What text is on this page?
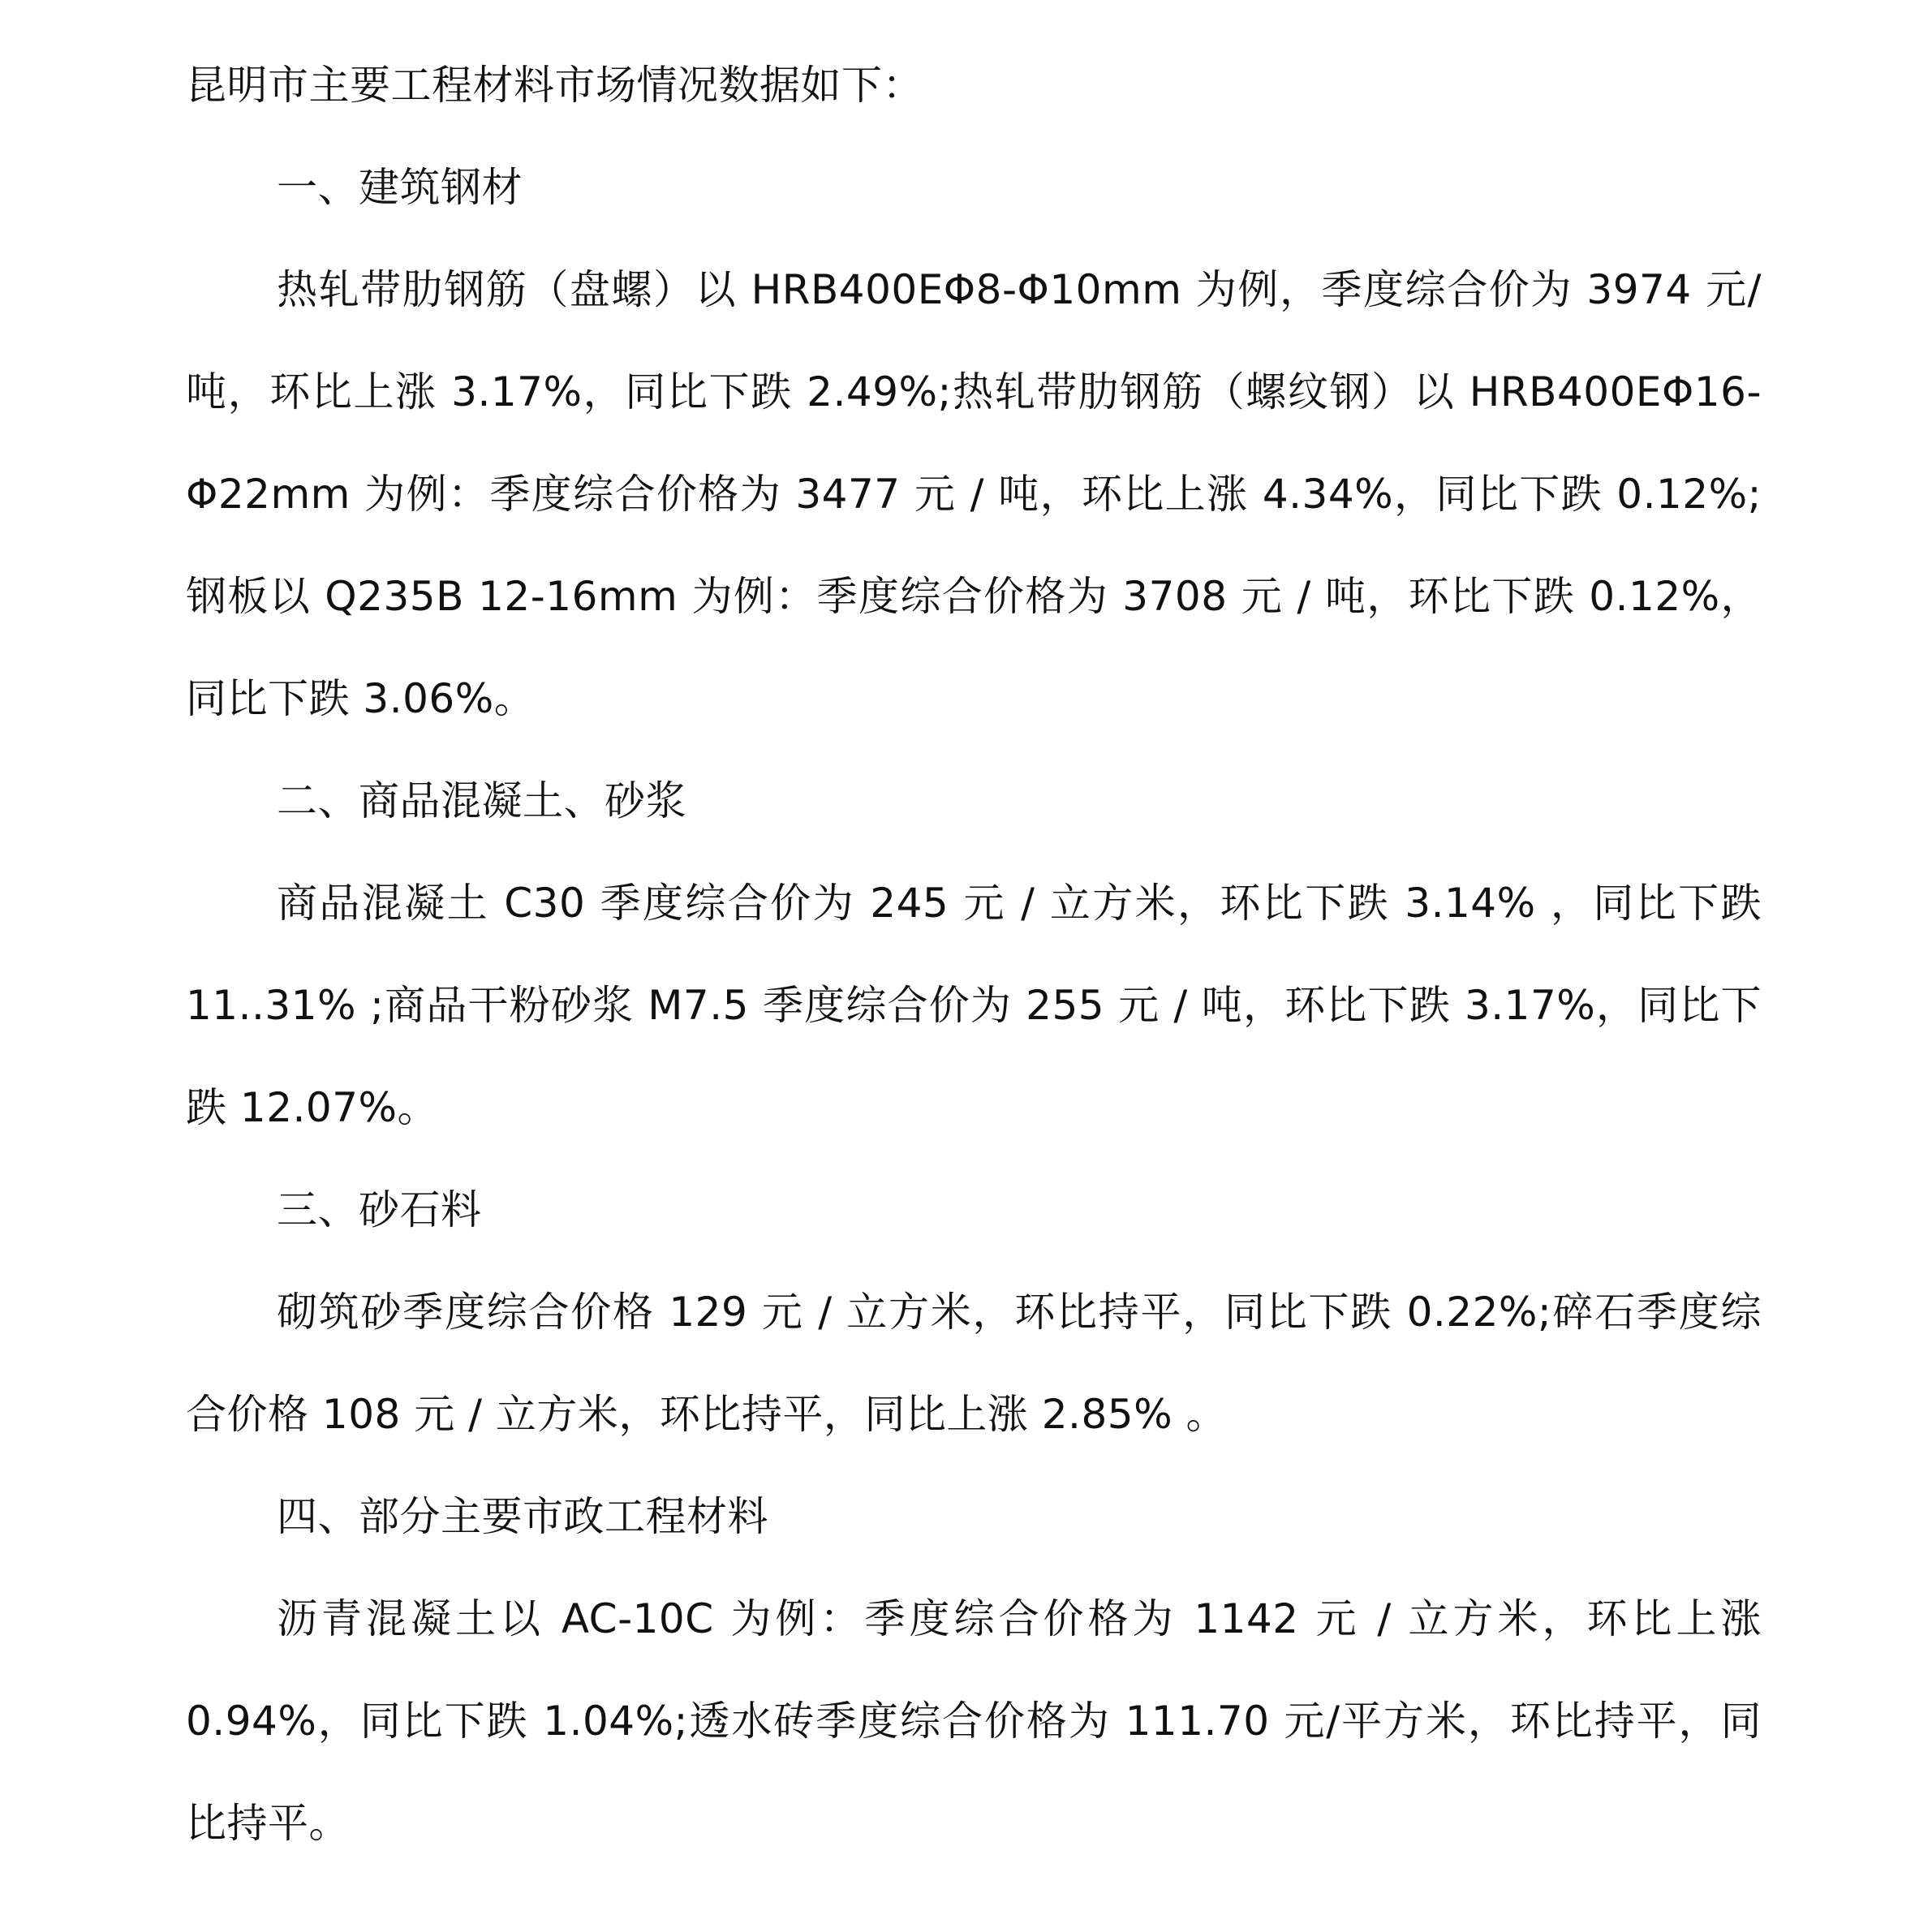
昆明市主要工程材料市场情况数据如下：

一、建筑钢材

热轧带肋钢筋（盘螺）以 HRB400EΦ8-Φ10mm 为例，季度综合价为 3974 元/吨，环比上涨 3.17%，同比下跌 2.49%;热轧带肋钢筋（螺纹钢）以 HRB400EΦ16-Φ22mm 为例：季度综合价格为 3477 元 / 吨，环比上涨 4.34%，同比下跌 0.12%;钢板以 Q235B 12-16mm 为例：季度综合价格为 3708 元 / 吨，环比下跌 0.12%，同比下跌 3.06%。

二、商品混凝土、砂浆

商品混凝土 C30 季度综合价为 245 元 / 立方米，环比下跌 3.14% ，同比下跌 11..31% ;商品干粉砂浆 M7.5 季度综合价为 255 元 / 吨，环比下跌 3.17%，同比下跌 12.07%。

三、砂石料

砌筑砂季度综合价格 129 元 / 立方米，环比持平，同比下跌 0.22%;碎石季度综合价格 108 元 / 立方米，环比持平，同比上涨 2.85% 。

四、部分主要市政工程材料

沥青混凝土以 AC-10C 为例：季度综合价格为 1142 元 / 立方米，环比上涨 0.94%，同比下跌 1.04%;透水砖季度综合价格为 111.70 元/平方米，环比持平，同比持平。
